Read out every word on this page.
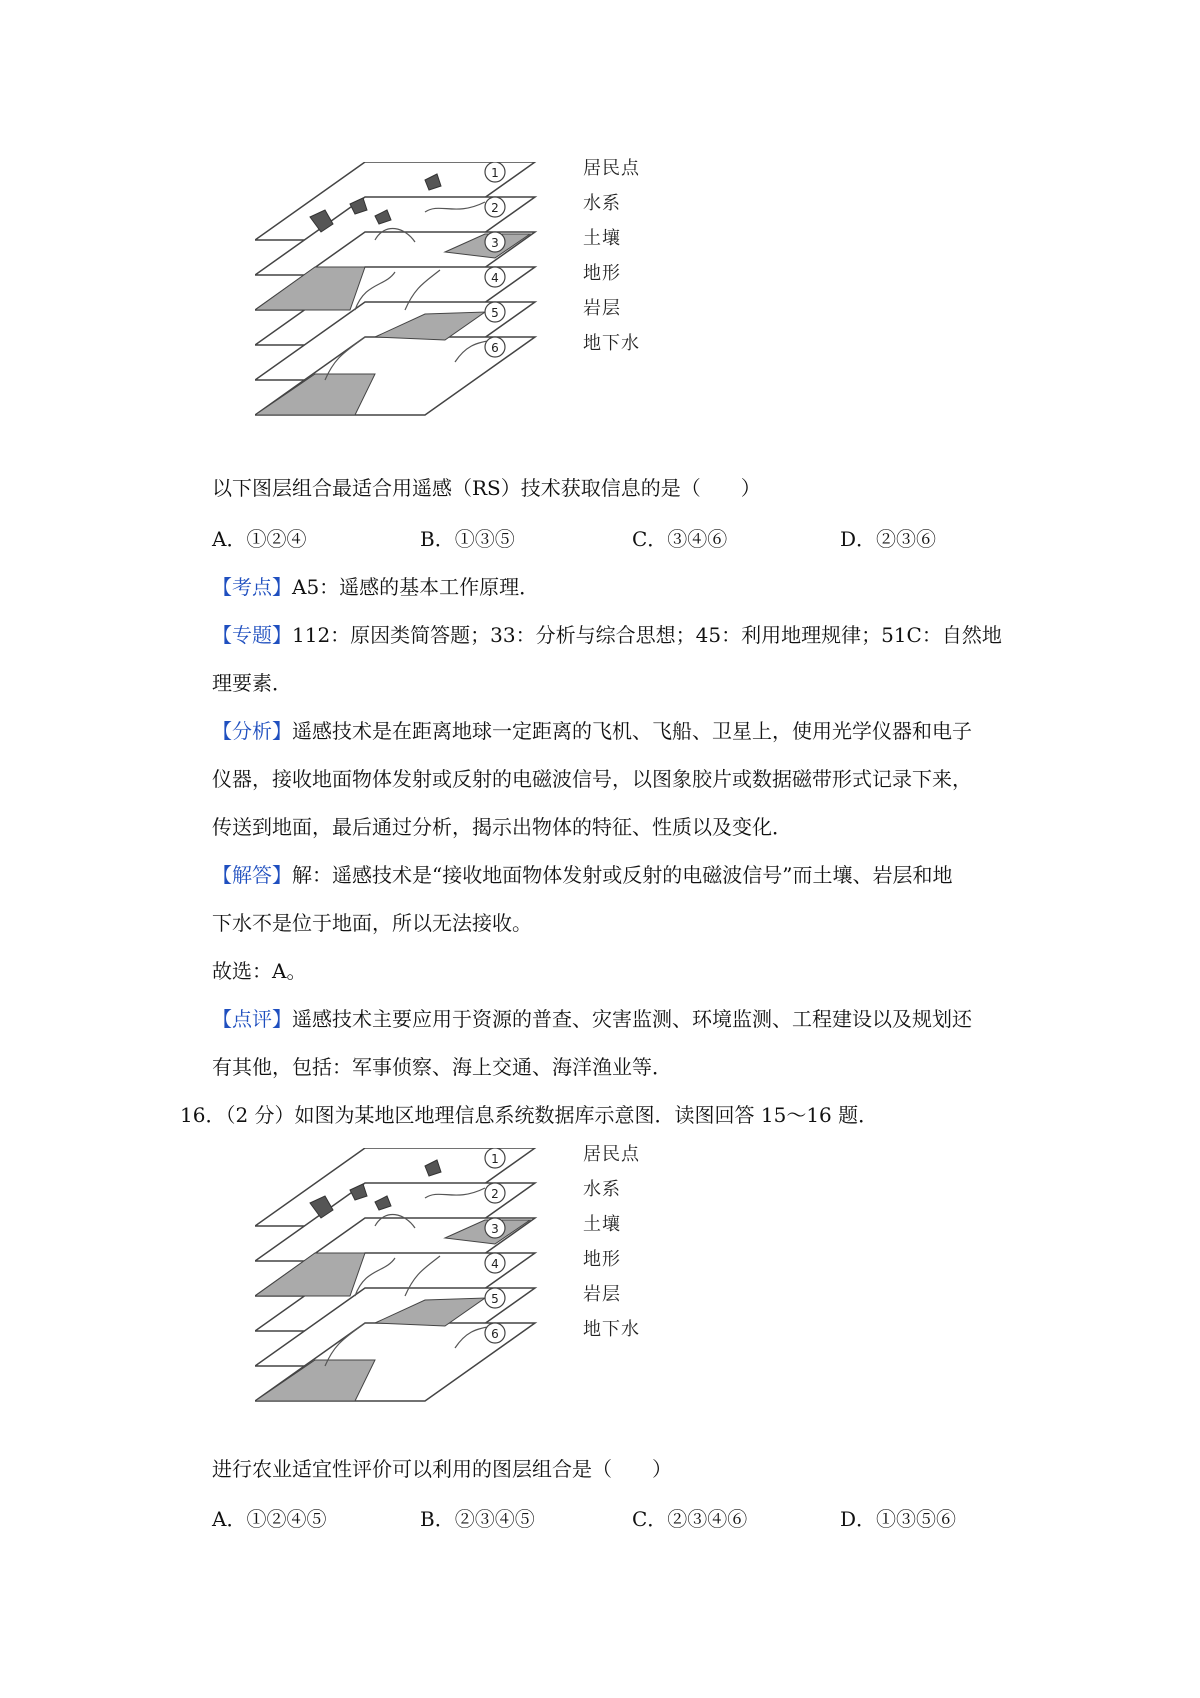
1
2
3
4
5
6
居民点
水系
土壤
地形
岩层
地下水
以下图层组合最适合用遥感（RS）技术获取信息的是（　　）
A．①②④	B．①③⑤	C．③④⑥	D．②③⑥
【考点】A5：遥感的基本工作原理．
【专题】112：原因类简答题；33：分析与综合思想；45：利用地理规律；51C：自然地
理要素．
【分析】遥感技术是在距离地球一定距离的飞机、飞船、卫星上，使用光学仪器和电子
仪器，接收地面物体发射或反射的电磁波信号，以图象胶片或数据磁带形式记录下来，
传送到地面，最后通过分析，揭示出物体的特征、性质以及变化．
【解答】解：遥感技术是“接收地面物体发射或反射的电磁波信号”而土壤、岩层和地
下水不是位于地面，所以无法接收。
故选：A。
【点评】遥感技术主要应用于资源的普查、灾害监测、环境监测、工程建设以及规划还
有其他，包括：军事侦察、海上交通、海洋渔业等．
16．（2 分）如图为某地区地理信息系统数据库示意图．读图回答 15～16 题．
1
2
3
4
5
6
居民点
水系
土壤
地形
岩层
地下水
进行农业适宜性评价可以利用的图层组合是（　　）
A．①②④⑤	B．②③④⑤	C．②③④⑥	D．①③⑤⑥
